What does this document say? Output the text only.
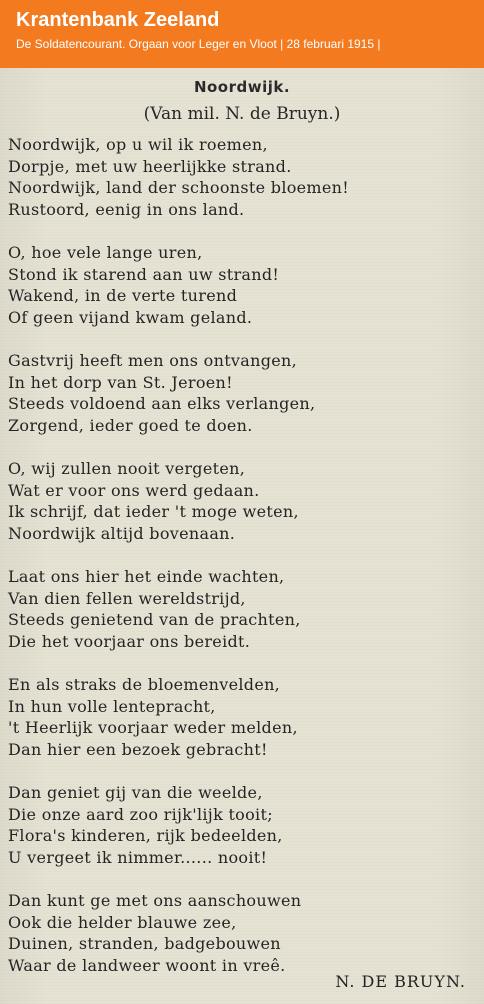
Krantenbank Zeeland
De Soldatencourant. Orgaan voor Leger en Vloot | 28 februari 1915 |
Noordwijk.
(Van mil. N. de Bruyn.)
Noordwijk, op u wil ik roemen,
Dorpje, met uw heerlijkke strand.
Noordwijk, land der schoonste bloemen!
Rustoord, eenig in ons land.
O, hoe vele lange uren,
Stond ik starend aan uw strand!
Wakend, in de verte turend
Of geen vijand kwam geland.
Gastvrij heeft men ons ontvangen,
In het dorp van St. Jeroen!
Steeds voldoend aan elks verlangen,
Zorgend, ieder goed te doen.
O, wij zullen nooit vergeten,
Wat er voor ons werd gedaan.
Ik schrijf, dat ieder 't moge weten,
Noordwijk altijd bovenaan.
Laat ons hier het einde wachten,
Van dien fellen wereldstrijd,
Steeds genietend van de prachten,
Die het voorjaar ons bereidt.
En als straks de bloemenvelden,
In hun volle lentepracht,
't Heerlijk voorjaar weder melden,
Dan hier een bezoek gebracht!
Dan geniet gij van die weelde,
Die onze aard zoo rijk'lijk tooit;
Flora's kinderen, rijk bedeelden,
U vergeet ik nimmer...... nooit!
Dan kunt ge met ons aanschouwen
Ook die helder blauwe zee,
Duinen, stranden, badgebouwen
Waar de landweer woont in vreê.
N. DE BRUYN.
